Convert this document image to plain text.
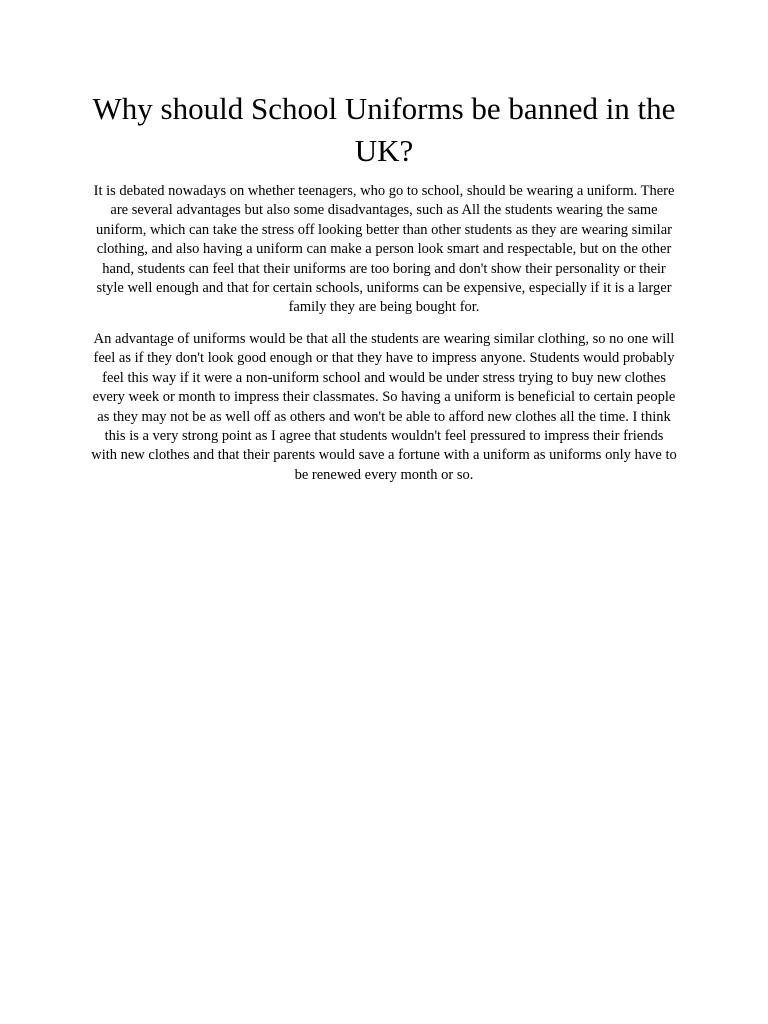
Why should School Uniforms be banned in the UK?

It is debated nowadays on whether teenagers, who go to school, should be wearing a uniform. There are several advantages but also some disadvantages, such as All the students wearing the same uniform, which can take the stress off looking better than other students as they are wearing similar clothing, and also having a uniform can make a person look smart and respectable, but on the other hand, students can feel that their uniforms are too boring and don't show their personality or their style well enough and that for certain schools, uniforms can be expensive, especially if it is a larger family they are being bought for.

An advantage of uniforms would be that all the students are wearing similar clothing, so no one will feel as if they don't look good enough or that they have to impress anyone. Students would probably feel this way if it were a non-uniform school and would be under stress trying to buy new clothes every week or month to impress their classmates. So having a uniform is beneficial to certain people as they may not be as well off as others and won't be able to afford new clothes all the time. I think this is a very strong point as I agree that students wouldn't feel pressured to impress their friends with new clothes and that their parents would save a fortune with a uniform as uniforms only have to be renewed every month or so.
